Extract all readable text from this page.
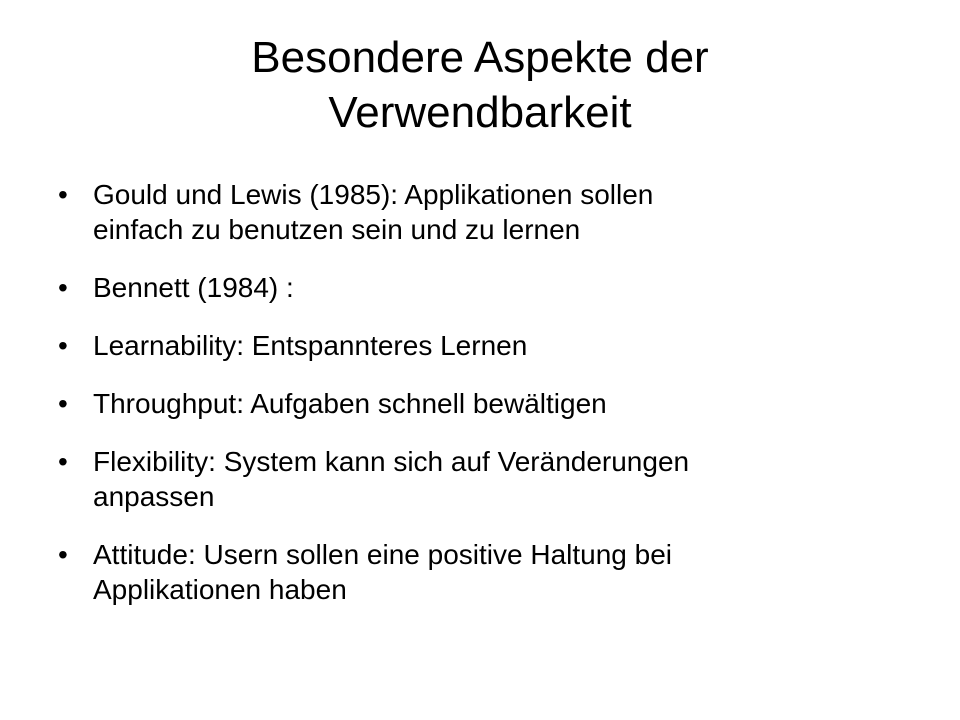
Besondere Aspekte der
Verwendbarkeit
• Gould und Lewis (1985): Applikationen sollen
einfach zu benutzen sein und zu lernen
• Bennett (1984) :
• Learnability: Entspannteres Lernen
• Throughput: Aufgaben schnell bewältigen
• Flexibility: System kann sich auf Veränderungen
anpassen
• Attitude: Usern sollen eine positive Haltung bei
Applikationen haben
